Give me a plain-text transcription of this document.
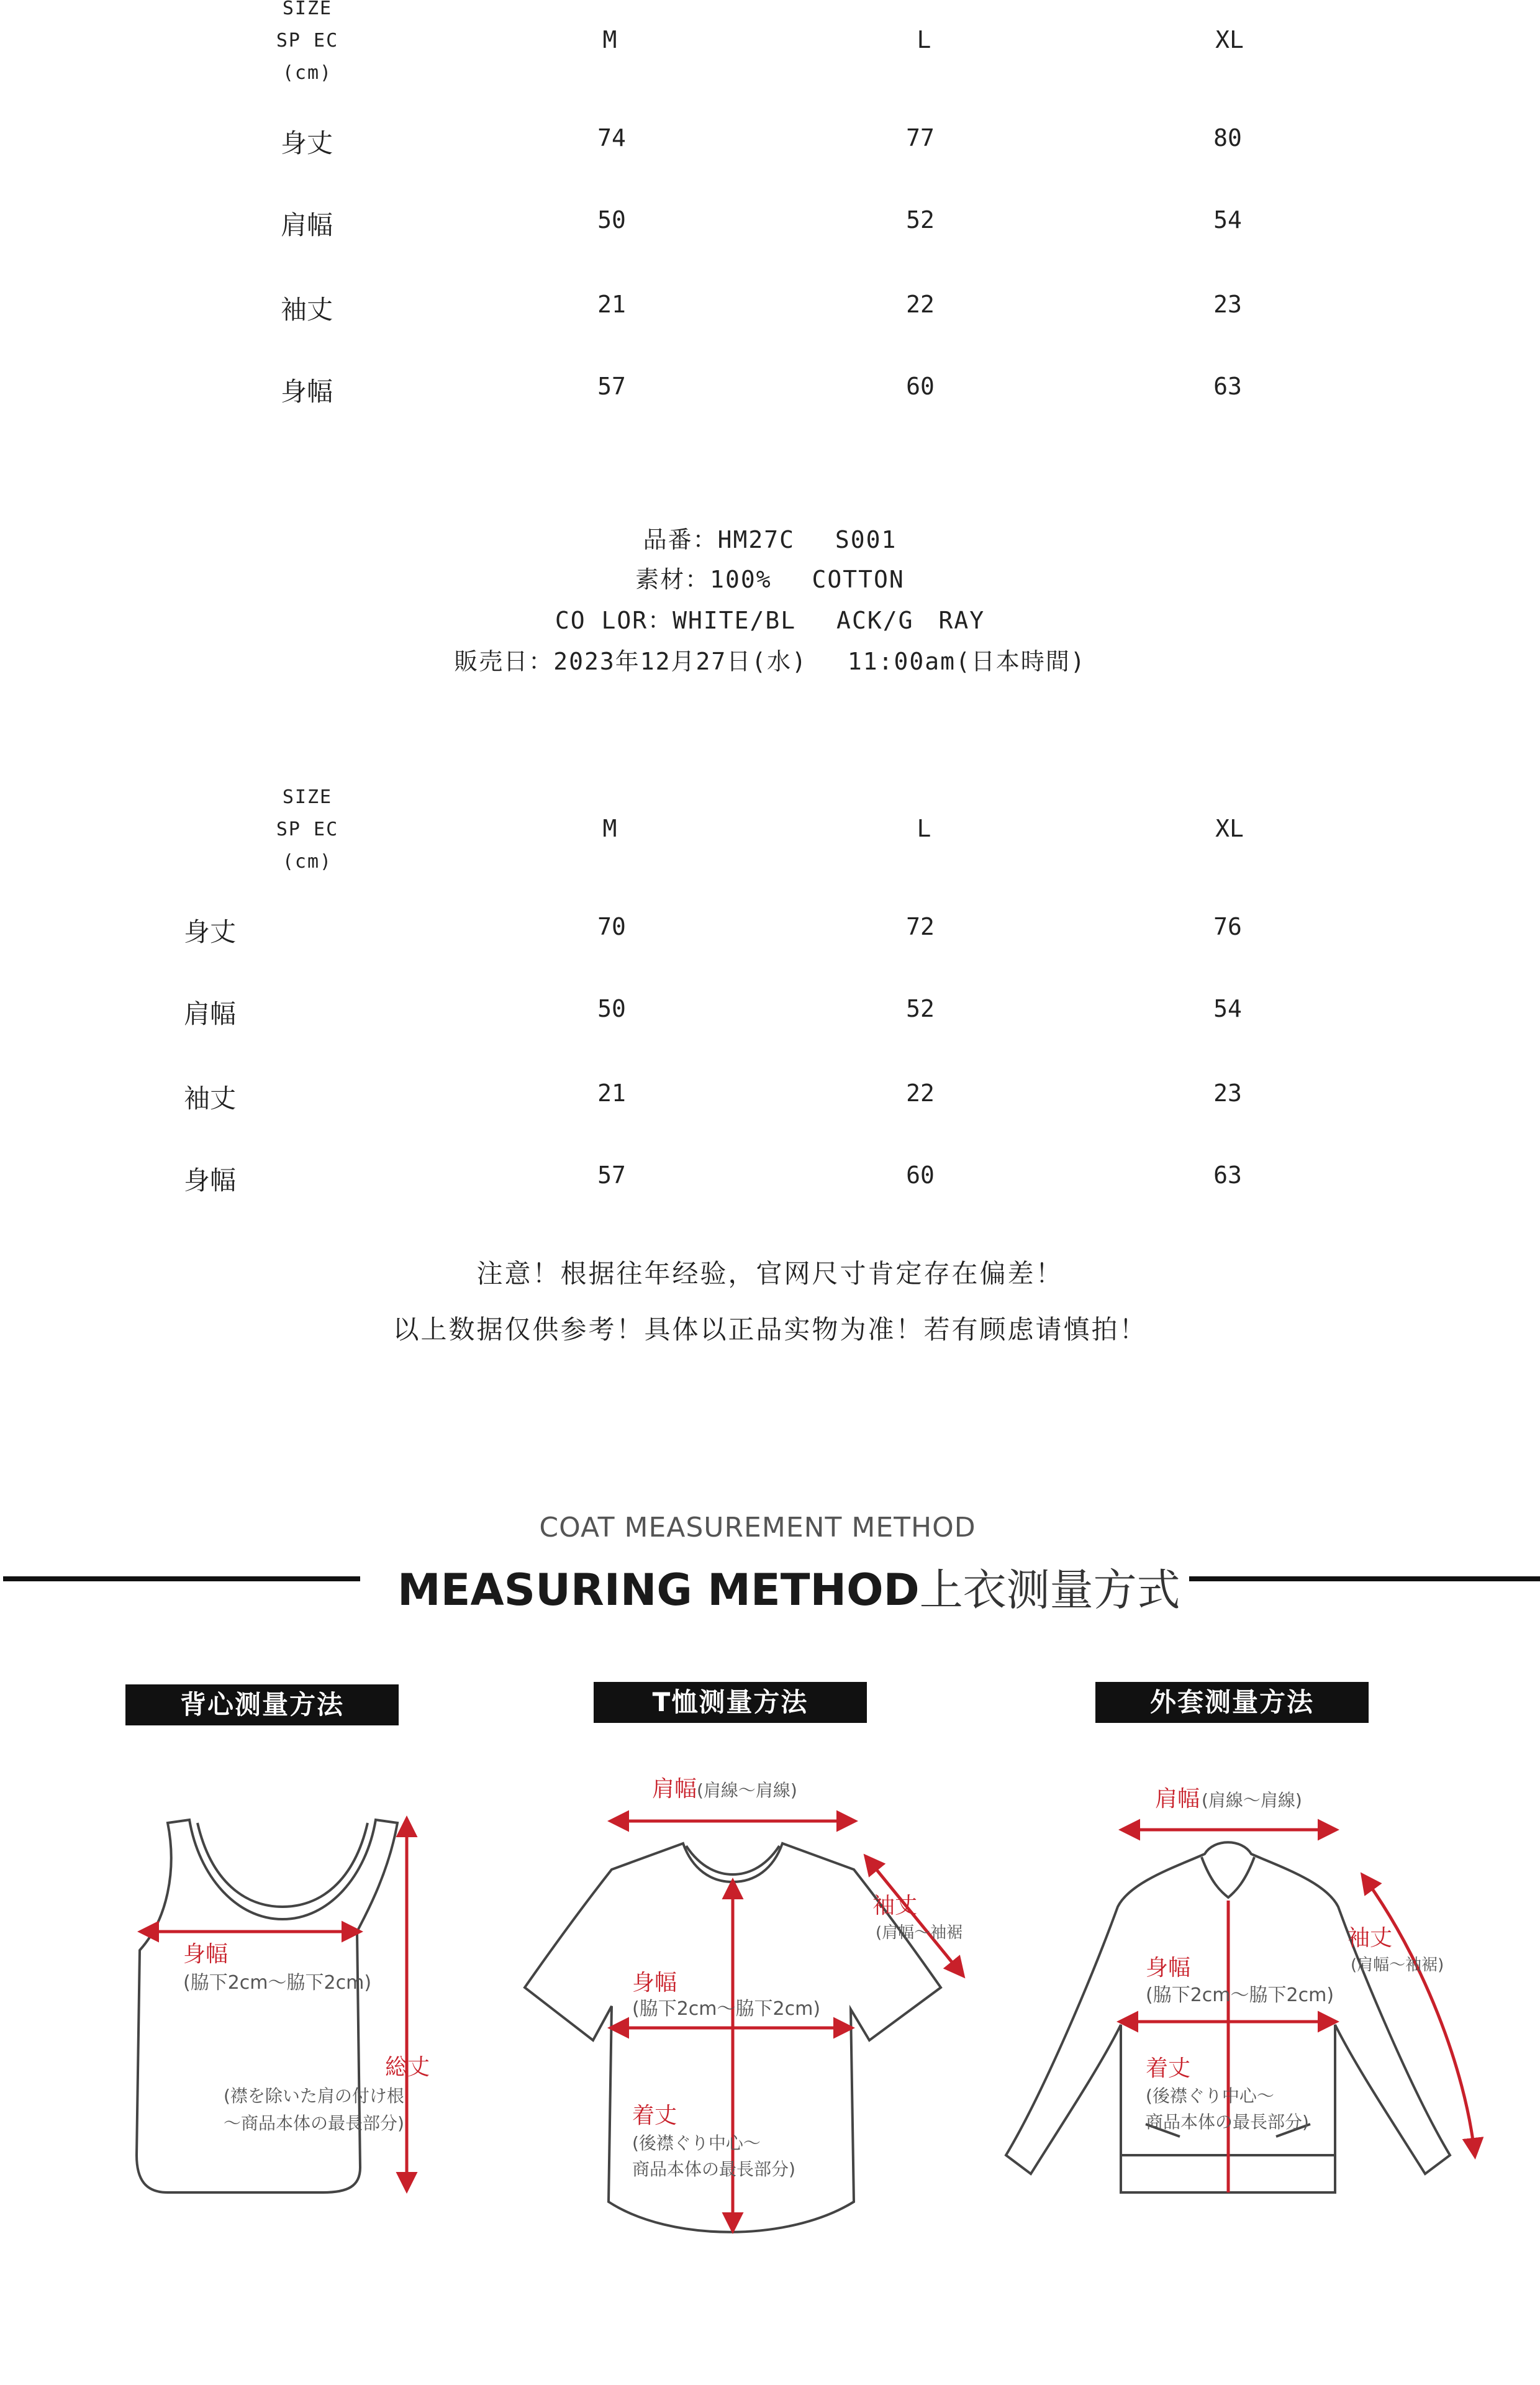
SIZE
SP EC
(cm)
M	L	XL
身丈	74	77	80
肩幅	50	52	54
袖丈	21	22	23
身幅	57	60	63
品番：HM27C　 S001
素材：100%　 COTTON
CO LOR：WHITE/BL　 ACK/G　RAY
販売日：2023年12月27日(水)　 11:00am(日本時間)
SIZE
SP EC
(cm)
M	L	XL
身丈	70	72	76
肩幅	50	52	54
袖丈	21	22	23
身幅	57	60	63
注意！根据往年经验，官网尺寸肯定存在偏差！
以上数据仅供参考！具体以正品实物为准！若有顾虑请慎拍！
COAT MEASUREMENT METHOD
MEASURING METHOD上衣测量方式
背心测量方法	T恤测量方法	外套测量方法
身幅
(脇下2cm～脇下2cm)
総丈
(襟を除いた肩の付け根
～商品本体の最長部分)
肩幅 (肩線～肩線)
袖丈
(肩幅～袖裾
身幅
(脇下2cm～脇下2cm)
着丈
(後襟ぐり中心～
商品本体の最長部分)
肩幅 (肩線～肩線)
袖丈
(肩幅～袖裾)
身幅
(脇下2cm～脇下2cm)
着丈
(後襟ぐり中心～
商品本体の最長部分)
